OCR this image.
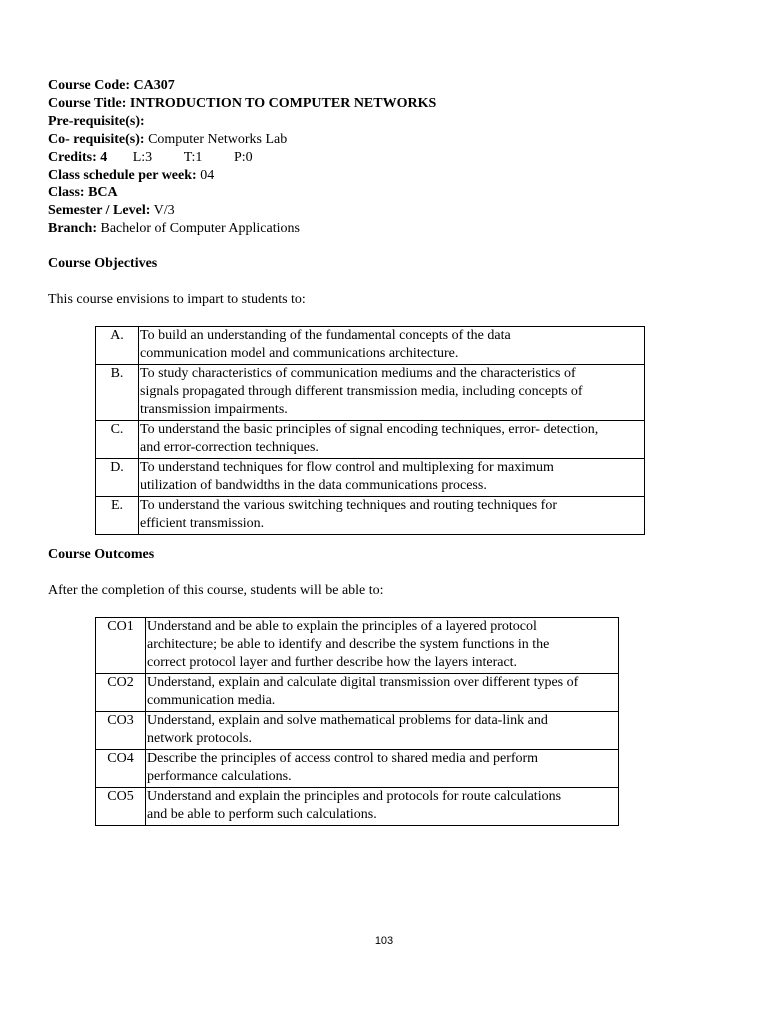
Course Code: CA307
Course Title: INTRODUCTION TO COMPUTER NETWORKS
Pre-requisite(s):
Co- requisite(s): Computer Networks Lab
Credits: 4 L:3 T:1 P:0
Class schedule per week: 04
Class: BCA
Semester / Level: V/3
Branch: Bachelor of Computer Applications
Course Objectives
This course envisions to impart to students to:
A.	To build an understanding of the fundamental concepts of the data
communication model and communications architecture.

B.	To study characteristics of communication mediums and the characteristics of
signals propagated through different transmission media, including concepts of
transmission impairments.

C.	To understand the basic principles of signal encoding techniques, error- detection,
and error-correction techniques.

D.	To understand techniques for flow control and multiplexing for maximum
utilization of bandwidths in the data communications process.

E.	To understand the various switching techniques and routing techniques for
efficient transmission.
Course Outcomes
After the completion of this course, students will be able to:
CO1	Understand and be able to explain the principles of a layered protocol
architecture; be able to identify and describe the system functions in the
correct protocol layer and further describe how the layers interact.

CO2	Understand, explain and calculate digital transmission over different types of
communication media.

CO3	Understand, explain and solve mathematical problems for data-link and
network protocols.

CO4	Describe the principles of access control to shared media and perform
performance calculations.

CO5	Understand and explain the principles and protocols for route calculations
and be able to perform such calculations.
103
